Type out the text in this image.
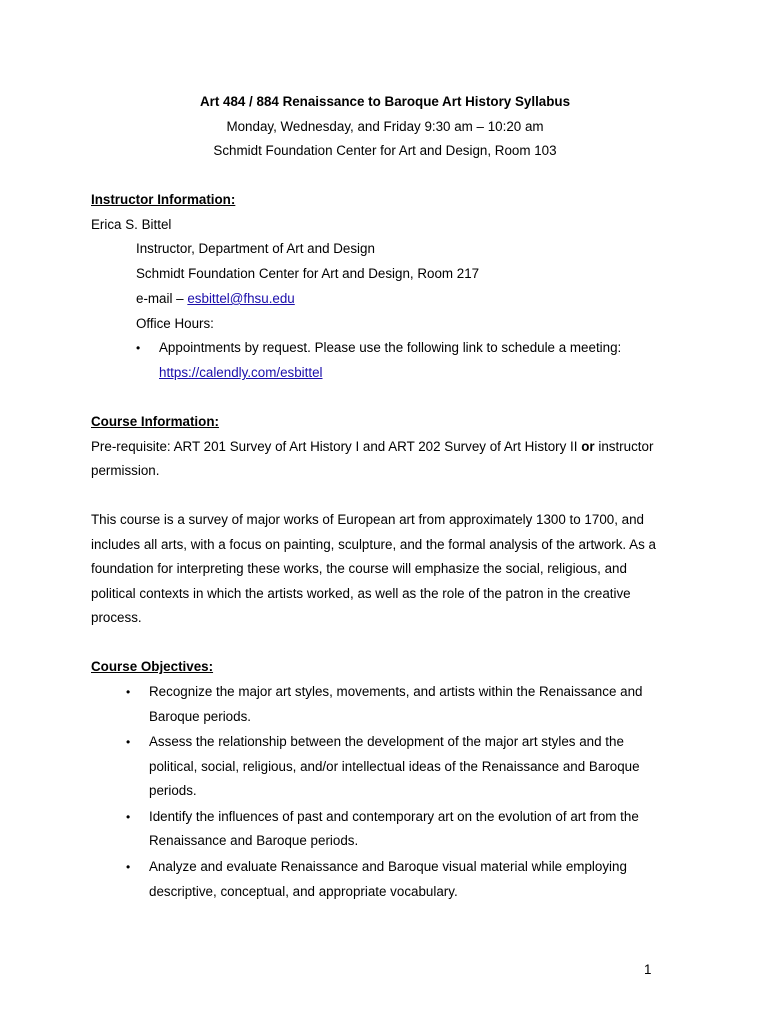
Art 484 / 884 Renaissance to Baroque Art History Syllabus
Monday, Wednesday, and Friday 9:30 am – 10:20 am
Schmidt Foundation Center for Art and Design, Room 103
Instructor Information:
Erica S. Bittel
Instructor, Department of Art and Design
Schmidt Foundation Center for Art and Design, Room 217
e-mail – esbittel@fhsu.edu
Office Hours:
• Appointments by request. Please use the following link to schedule a meeting:
https://calendly.com/esbittel
Course Information:
Pre-requisite: ART 201 Survey of Art History I and ART 202 Survey of Art History II or instructor
permission.
This course is a survey of major works of European art from approximately 1300 to 1700, and
includes all arts, with a focus on painting, sculpture, and the formal analysis of the artwork. As a
foundation for interpreting these works, the course will emphasize the social, religious, and
political contexts in which the artists worked, as well as the role of the patron in the creative
process.
Course Objectives:
• Recognize the major art styles, movements, and artists within the Renaissance and
Baroque periods.
• Assess the relationship between the development of the major art styles and the
political, social, religious, and/or intellectual ideas of the Renaissance and Baroque
periods.
• Identify the influences of past and contemporary art on the evolution of art from the
Renaissance and Baroque periods.
• Analyze and evaluate Renaissance and Baroque visual material while employing
descriptive, conceptual, and appropriate vocabulary.
1
